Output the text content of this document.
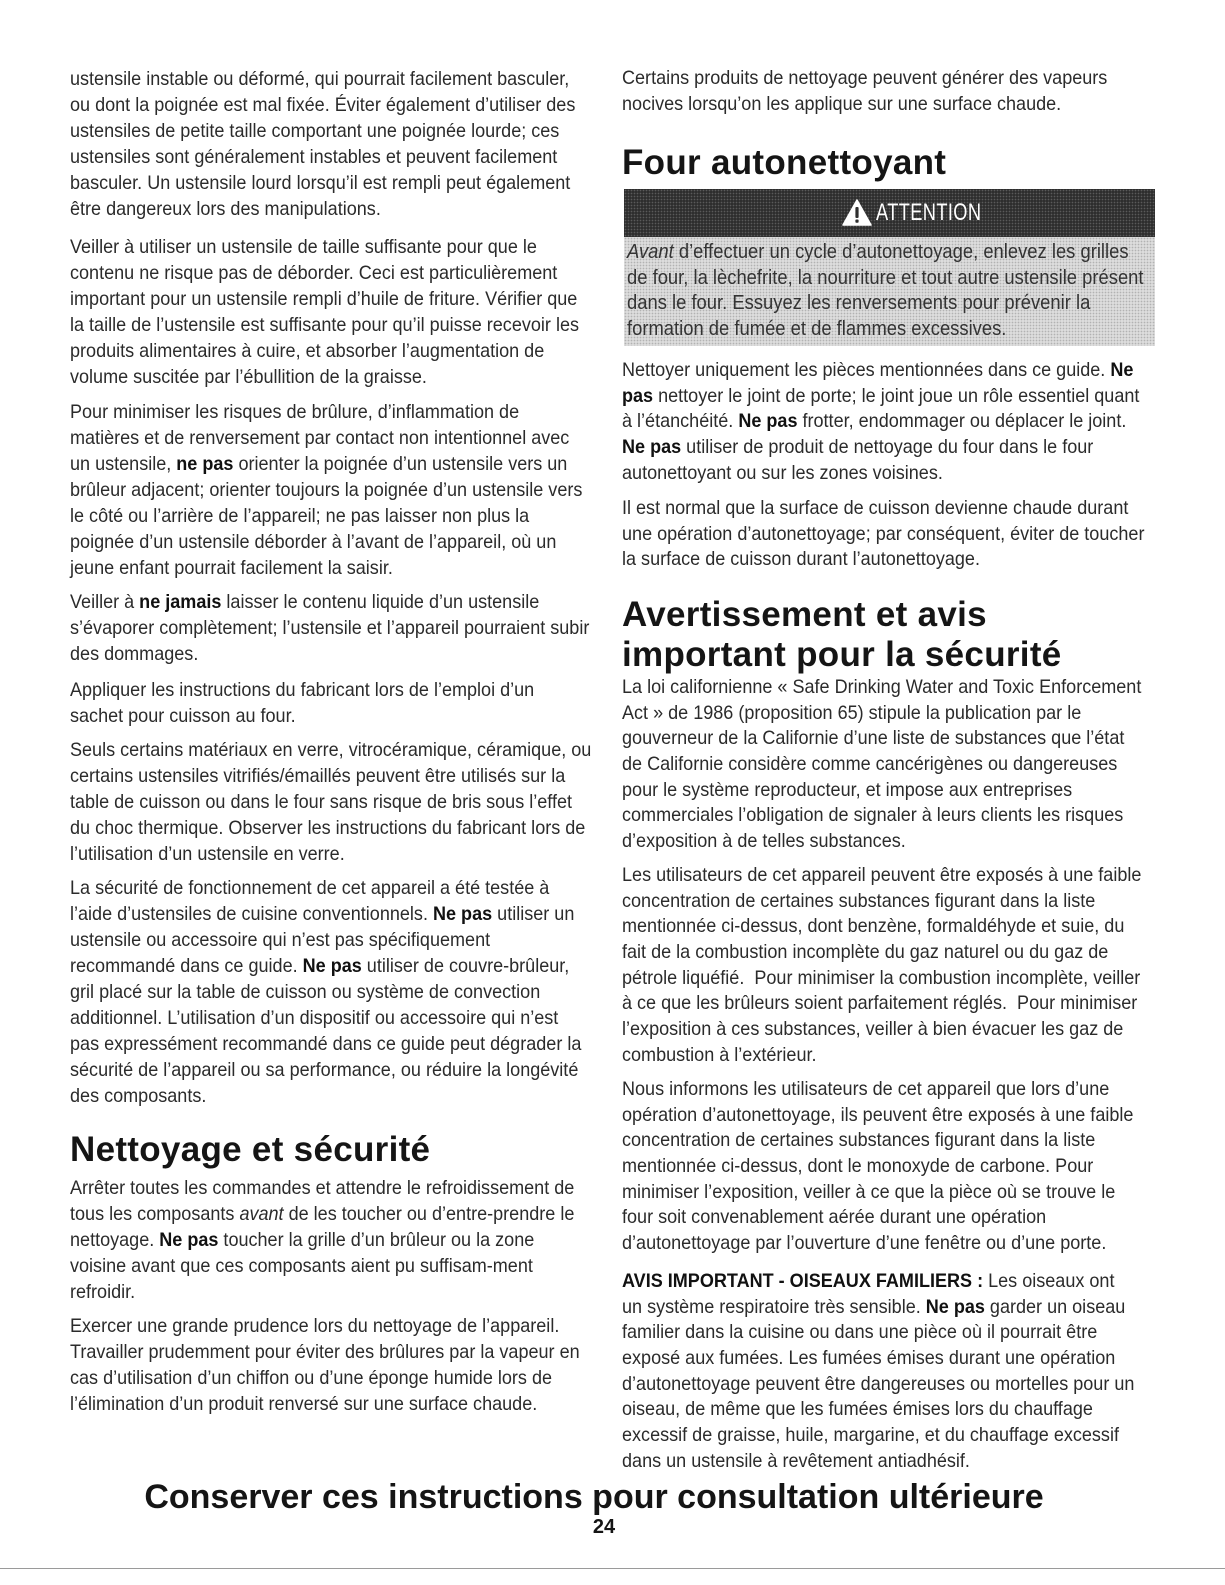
ustensile instable ou déformé, qui pourrait facilement basculer,
ou dont la poignée est mal fixée. Éviter également d’utiliser des
ustensiles de petite taille comportant une poignée lourde; ces
ustensiles sont généralement instables et peuvent facilement
basculer. Un ustensile lourd lorsqu’il est rempli peut également
être dangereux lors des manipulations.
Veiller à utiliser un ustensile de taille suffisante pour que le
contenu ne risque pas de déborder. Ceci est particulièrement
important pour un ustensile rempli d’huile de friture. Vérifier que
la taille de l’ustensile est suffisante pour qu’il puisse recevoir les
produits alimentaires à cuire, et absorber l’augmentation de
volume suscitée par l’ébullition de la graisse.
Pour minimiser les risques de brûlure, d’inflammation de
matières et de renversement par contact non intentionnel avec
un ustensile, ne pas orienter la poignée d’un ustensile vers un
brûleur adjacent; orienter toujours la poignée d’un ustensile vers
le côté ou l’arrière de l’appareil; ne pas laisser non plus la
poignée d’un ustensile déborder à l’avant de l’appareil, où un
jeune enfant pourrait facilement la saisir.
Veiller à ne jamais laisser le contenu liquide d’un ustensile
s’évaporer complètement; l’ustensile et l’appareil pourraient subir
des dommages.
Appliquer les instructions du fabricant lors de l’emploi d’un
sachet pour cuisson au four.
Seuls certains matériaux en verre, vitrocéramique, céramique, ou
certains ustensiles vitrifiés/émaillés peuvent être utilisés sur la
table de cuisson ou dans le four sans risque de bris sous l’effet
du choc thermique. Observer les instructions du fabricant lors de
l’utilisation d’un ustensile en verre.
La sécurité de fonctionnement de cet appareil a été testée à
l’aide d’ustensiles de cuisine conventionnels. Ne pas utiliser un
ustensile ou accessoire qui n’est pas spécifiquement
recommandé dans ce guide. Ne pas utiliser de couvre-brûleur,
gril placé sur la table de cuisson ou système de convection
additionnel. L’utilisation d’un dispositif ou accessoire qui n’est
pas expressément recommandé dans ce guide peut dégrader la
sécurité de l’appareil ou sa performance, ou réduire la longévité
des composants.
Nettoyage et sécurité
Arrêter toutes les commandes et attendre le refroidissement de
tous les composants avant de les toucher ou d’entre-prendre le
nettoyage. Ne pas toucher la grille d’un brûleur ou la zone
voisine avant que ces composants aient pu suffisam-ment
refroidir.
Exercer une grande prudence lors du nettoyage de l’appareil.
Travailler prudemment pour éviter des brûlures par la vapeur en
cas d’utilisation d’un chiffon ou d’une éponge humide lors de
l’élimination d’un produit renversé sur une surface chaude.
Certains produits de nettoyage peuvent générer des vapeurs
nocives lorsqu’on les applique sur une surface chaude.
Four autonettoyant
ATTENTION
Avant d’effectuer un cycle d’autonettoyage, enlevez les grilles
de four, la lèchefrite, la nourriture et tout autre ustensile présent
dans le four. Essuyez les renversements pour prévenir la
formation de fumée et de flammes excessives.
Nettoyer uniquement les pièces mentionnées dans ce guide. Ne
pas nettoyer le joint de porte; le joint joue un rôle essentiel quant
à l’étanchéité. Ne pas frotter, endommager ou déplacer le joint.
Ne pas utiliser de produit de nettoyage du four dans le four
autonettoyant ou sur les zones voisines.
Il est normal que la surface de cuisson devienne chaude durant
une opération d’autonettoyage; par conséquent, éviter de toucher
la surface de cuisson durant l’autonettoyage.
Avertissement et avis
important pour la sécurité
La loi californienne « Safe Drinking Water and Toxic Enforcement
Act » de 1986 (proposition 65) stipule la publication par le
gouverneur de la Californie d’une liste de substances que l’état
de Californie considère comme cancérigènes ou dangereuses
pour le système reproducteur, et impose aux entreprises
commerciales l’obligation de signaler à leurs clients les risques
d’exposition à de telles substances.
Les utilisateurs de cet appareil peuvent être exposés à une faible
concentration de certaines substances figurant dans la liste
mentionnée ci-dessus, dont benzène, formaldéhyde et suie, du
fait de la combustion incomplète du gaz naturel ou du gaz de
pétrole liquéfié.  Pour minimiser la combustion incomplète, veiller
à ce que les brûleurs soient parfaitement réglés.  Pour minimiser
l’exposition à ces substances, veiller à bien évacuer les gaz de
combustion à l’extérieur.
Nous informons les utilisateurs de cet appareil que lors d’une
opération d’autonettoyage, ils peuvent être exposés à une faible
concentration de certaines substances figurant dans la liste
mentionnée ci-dessus, dont le monoxyde de carbone. Pour
minimiser l’exposition, veiller à ce que la pièce où se trouve le
four soit convenablement aérée durant une opération
d’autonettoyage par l’ouverture d’une fenêtre ou d’une porte.
AVIS IMPORTANT - OISEAUX FAMILIERS : Les oiseaux ont
un système respiratoire très sensible. Ne pas garder un oiseau
familier dans la cuisine ou dans une pièce où il pourrait être
exposé aux fumées. Les fumées émises durant une opération
d’autonettoyage peuvent être dangereuses ou mortelles pour un
oiseau, de même que les fumées émises lors du chauffage
excessif de graisse, huile, margarine, et du chauffage excessif
dans un ustensile à revêtement antiadhésif.
Conserver ces instructions pour consultation ultérieure
24
